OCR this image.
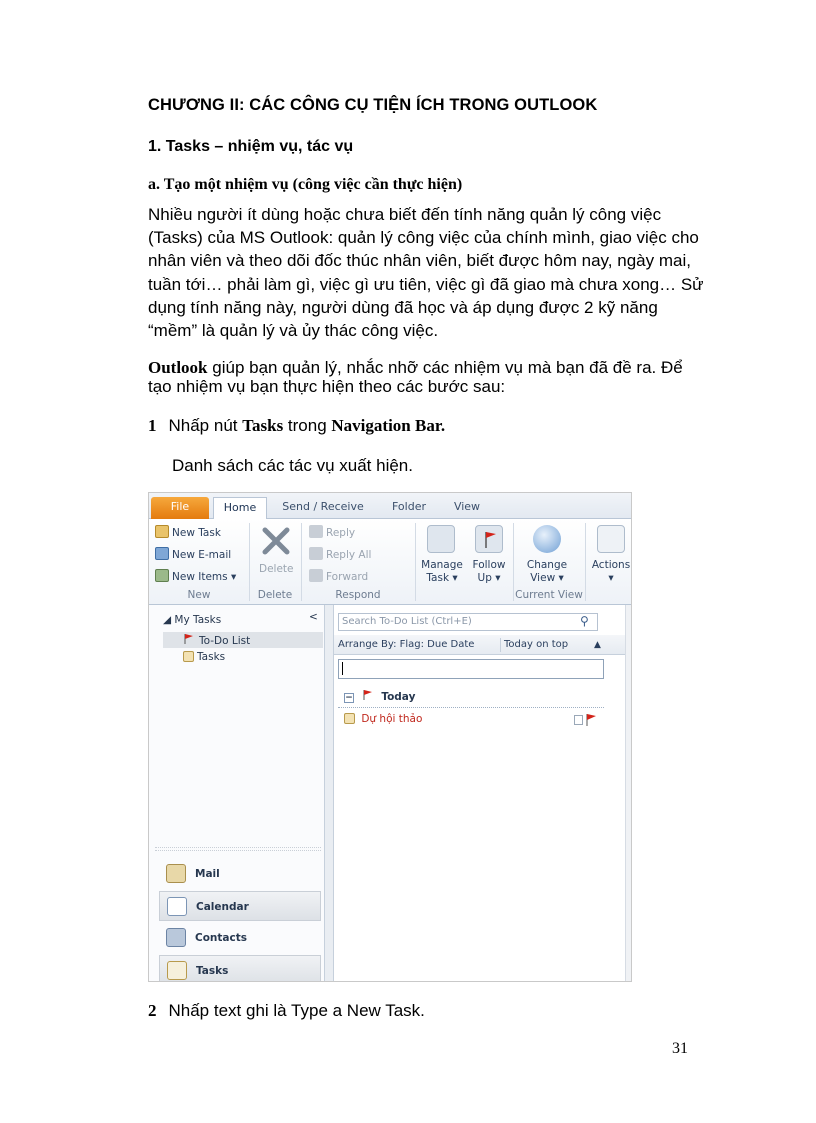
CHƯƠNG II: CÁC CÔNG CỤ TIỆN ÍCH TRONG OUTLOOK
1. Tasks – nhiệm vụ, tác vụ
a. Tạo một nhiệm vụ (công việc cần thực hiện)
Nhiều người ít dùng hoặc chưa biết đến tính năng quản lý công việc (Tasks) của MS Outlook: quản lý công việc của chính mình, giao việc cho nhân viên và theo dõi đốc thúc nhân viên, biết được hôm nay, ngày mai, tuần tới… phải làm gì, việc gì ưu tiên, việc gì đã giao mà chưa xong… Sử dụng tính năng này, người dùng đã học và áp dụng được 2 kỹ năng “mềm” là quản lý và ủy thác công việc.
Outlook giúp bạn quản lý, nhắc nhỡ các nhiệm vụ mà bạn đã đề ra. Để tạo nhiệm vụ bạn thực hiện theo các bước sau:
1 Nhấp nút Tasks trong Navigation Bar.
Danh sách các tác vụ xuất hiện.
File	Home	Send / Receive	Folder	View
New Task
New E-mail
New Items ▾
Delete
Reply
Reply All
Forward
Manage
Task ▾
Follow
Up ▾
Change
View ▾
Actions
▾
New	Delete	Respond	Current View
◢ My Tasks	<
To-Do List
Tasks
Mail
Calendar
Contacts
Tasks
Search To-Do List (Ctrl+E)	⚲
Arrange By: Flag: Due Date	Today on top	▲
−	Today
Dự hội thảo
2 Nhấp text ghi là Type a New Task.
31
